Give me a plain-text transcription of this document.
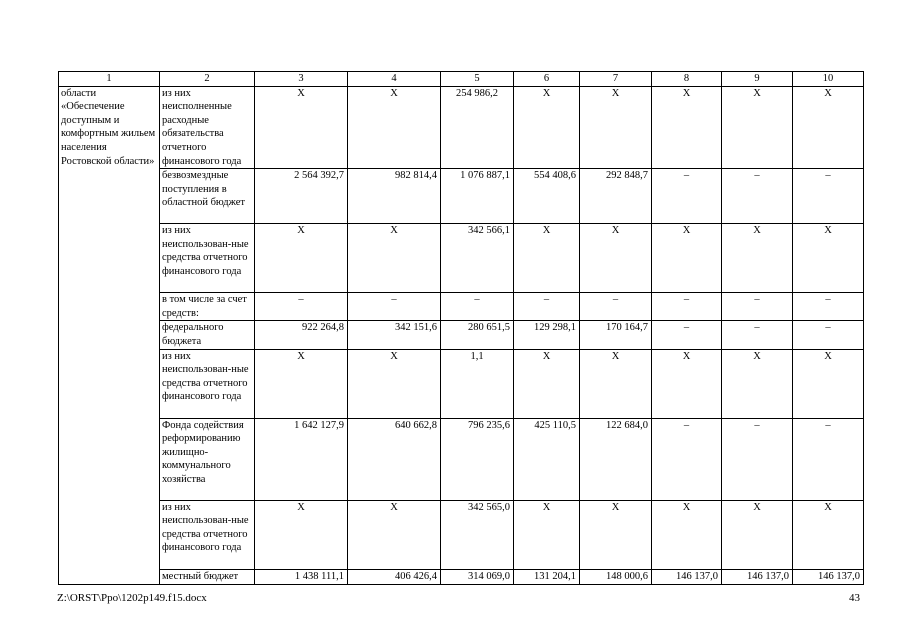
1	2	3	4	5	6	7	8	9	10
области «Обеспечение доступным и комфортным жильем населения Ростовской области»	из них неисполненные расходные обязательства отчетного финансового года	Х	Х	254 986,2	Х	Х	Х	Х	Х
	безвозмездные поступления в областной бюджет	2 564 392,7	982 814,4	1 076 887,1	554 408,6	292 848,7	–	–	–
	из них неиспользован-ные средства отчетного финансового года	Х	Х	342 566,1	Х	Х	Х	Х	Х
	в том числе за счет средств:	–	–	–	–	–	–	–	–
	федерального бюджета	922 264,8	342 151,6	280 651,5	129 298,1	170 164,7	–	–	–
	из них неиспользован-ные средства отчетного финансового года	Х	Х	1,1	Х	Х	Х	Х	Х
	Фонда содействия реформированию жилищно-коммунального хозяйства	1 642 127,9	640 662,8	796 235,6	425 110,5	122 684,0	–	–	–
	из них неиспользован-ные средства отчетного финансового года	Х	Х	342 565,0	Х	Х	Х	Х	Х
	местный бюджет	1 438 111,1	406 426,4	314 069,0	131 204,1	148 000,6	146 137,0	146 137,0	146 137,0
Z:\ORST\Ppo\1202p149.f15.docx	43
